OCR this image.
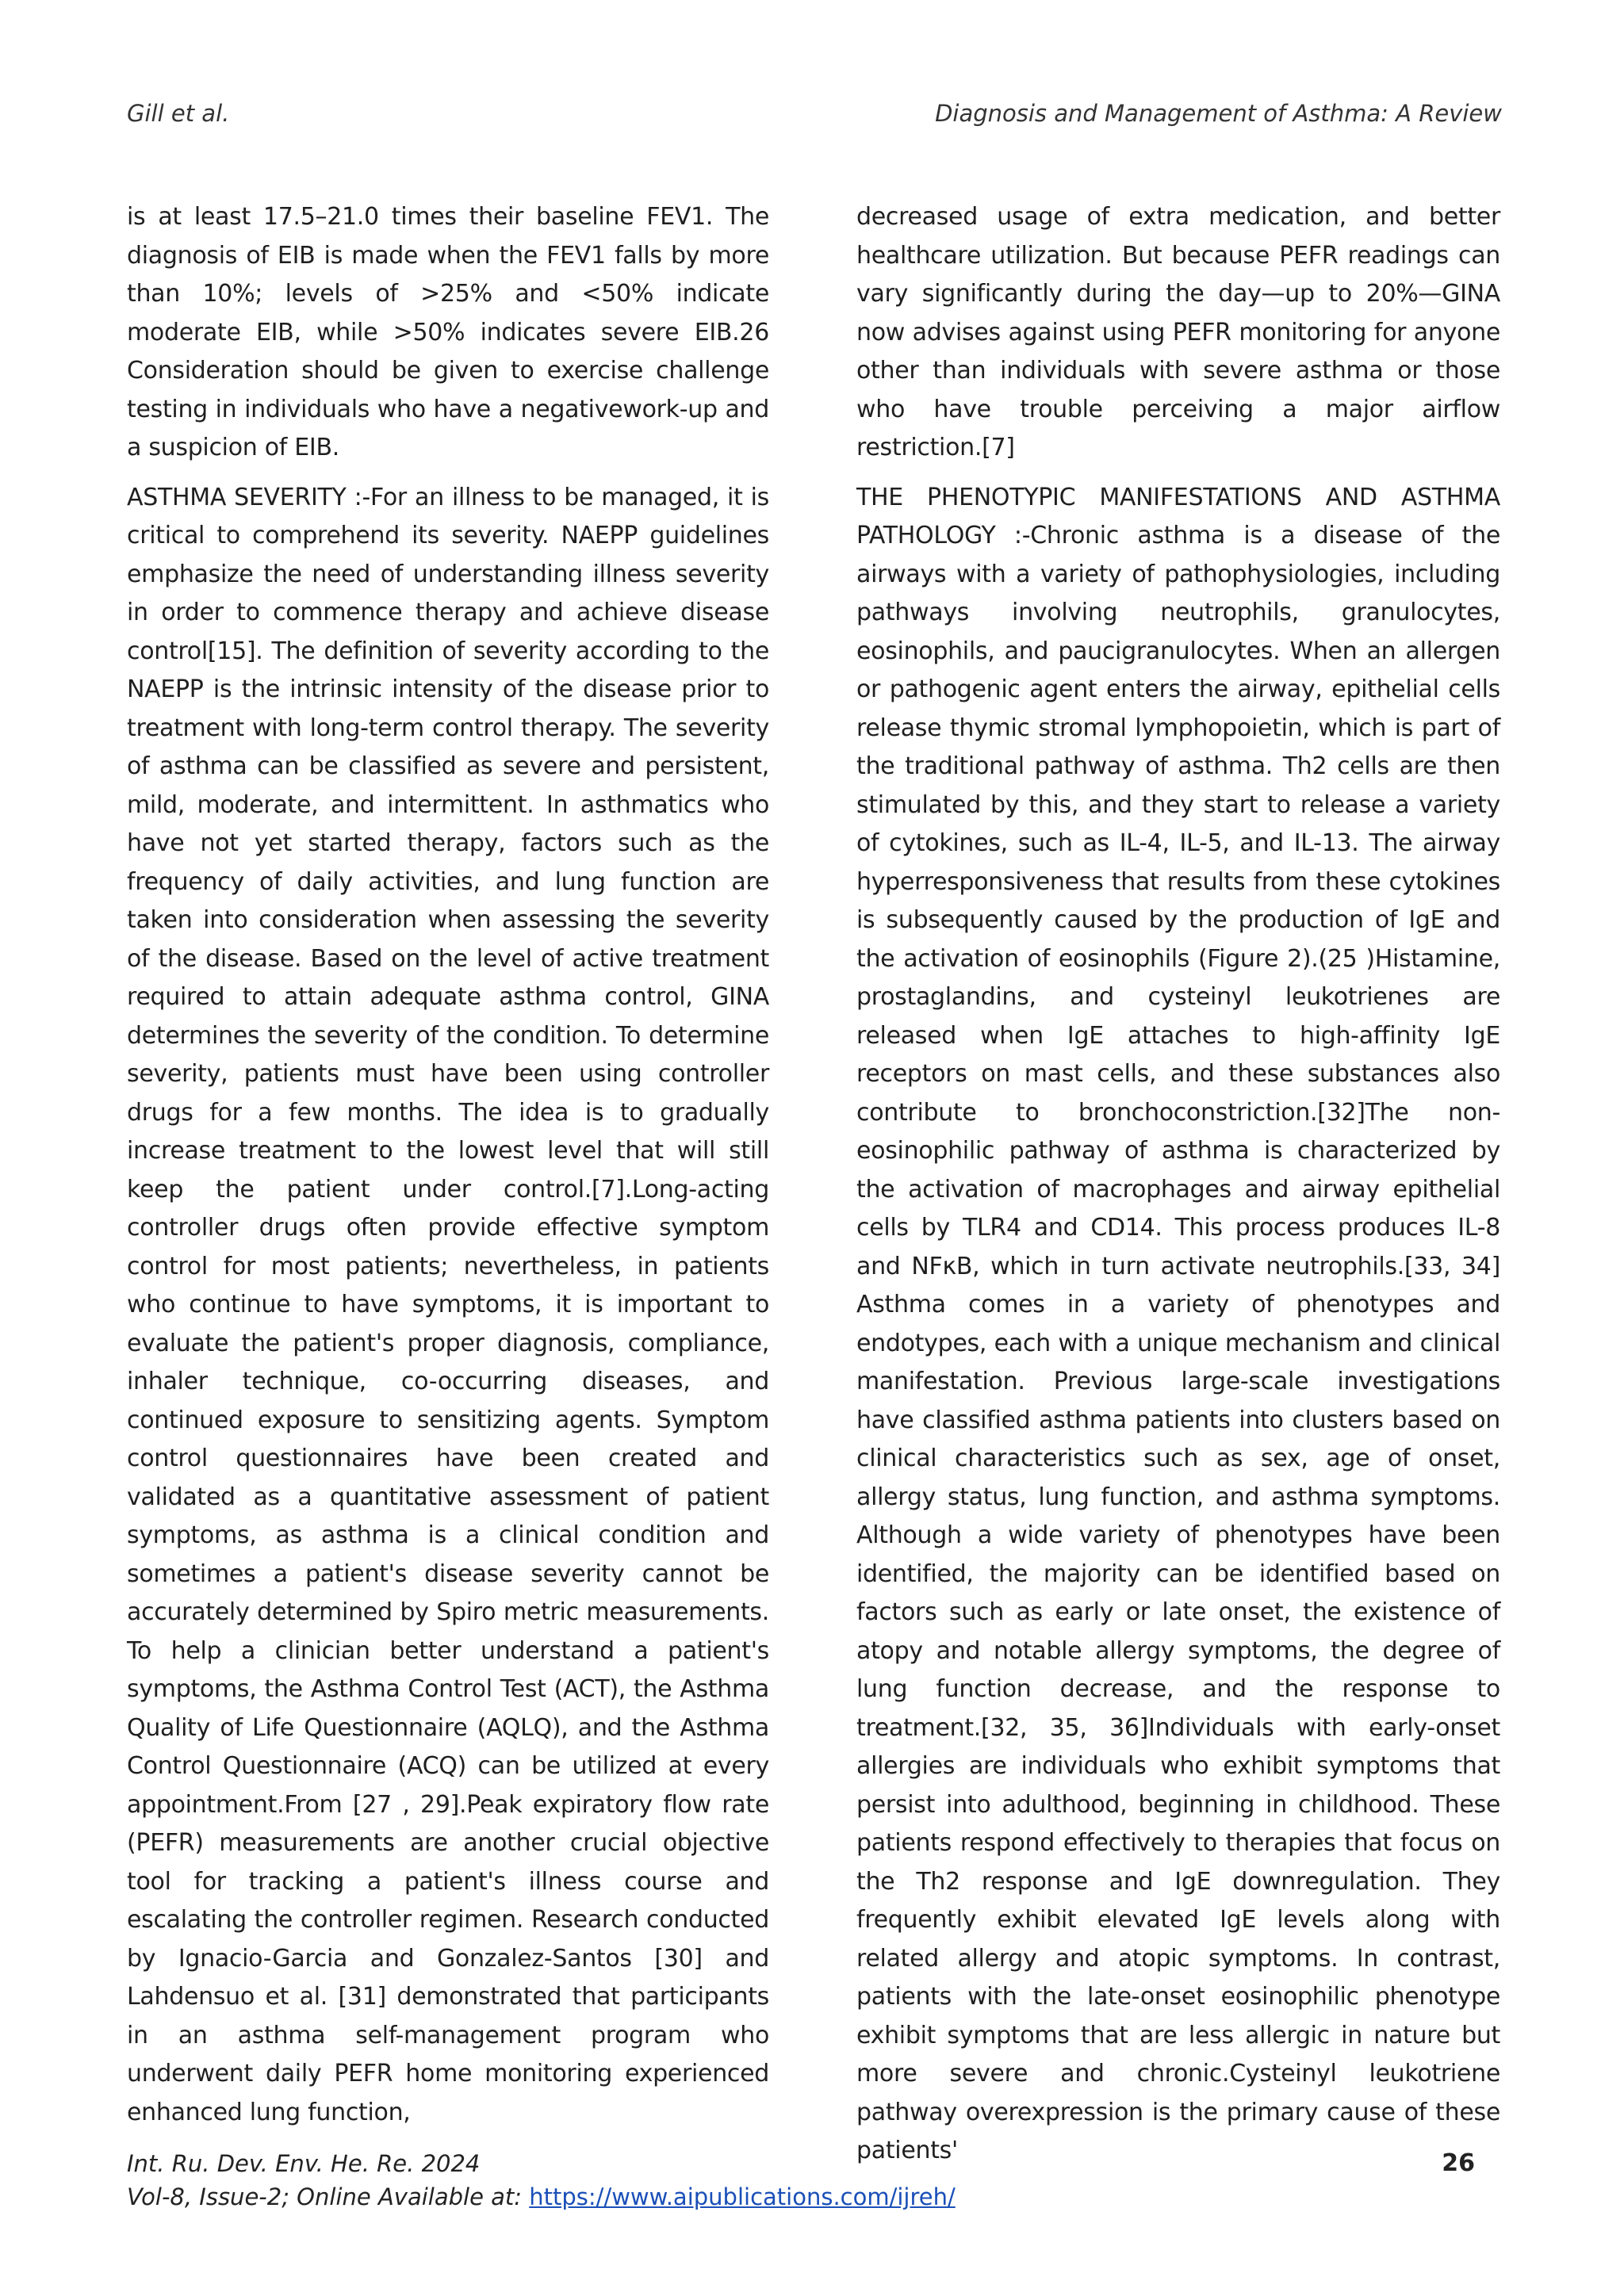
Gill et al.	Diagnosis and Management of Asthma: A Review

is at least 17.5–21.0 times their baseline FEV1. The diagnosis of EIB is made when the FEV1 falls by more than 10%; levels of >25% and <50% indicate moderate EIB, while >50% indicates severe EIB.26 Consideration should be given to exercise challenge testing in individuals who have a negativework-up and a suspicion of EIB.

ASTHMA SEVERITY :-For an illness to be managed, it is critical to comprehend its severity. NAEPP guidelines emphasize the need of understanding illness severity in order to commence therapy and achieve disease control[15]. The definition of severity according to the NAEPP is the intrinsic intensity of the disease prior to treatment with long-term control therapy. The severity of asthma can be classified as severe and persistent, mild, moderate, and intermittent. In asthmatics who have not yet started therapy, factors such as the frequency of daily activities, and lung function are taken into consideration when assessing the severity of the disease. Based on the level of active treatment required to attain adequate asthma control, GINA determines the severity of the condition. To determine severity, patients must have been using controller drugs for a few months. The idea is to gradually increase treatment to the lowest level that will still keep the patient under control.[7].Long-acting controller drugs often provide effective symptom control for most patients; nevertheless, in patients who continue to have symptoms, it is important to evaluate the patient's proper diagnosis, compliance, inhaler technique, co-occurring diseases, and continued exposure to sensitizing agents. Symptom control questionnaires have been created and validated as a quantitative assessment of patient symptoms, as asthma is a clinical condition and sometimes a patient's disease severity cannot be accurately determined by Spiro metric measurements. To help a clinician better understand a patient's symptoms, the Asthma Control Test (ACT), the Asthma Quality of Life Questionnaire (AQLQ), and the Asthma Control Questionnaire (ACQ) can be utilized at every appointment.From [27 , 29].Peak expiratory flow rate (PEFR) measurements are another crucial objective tool for tracking a patient's illness course and escalating the controller regimen. Research conducted by Ignacio-Garcia and Gonzalez-Santos [30] and Lahdensuo et al. [31] demonstrated that participants in an asthma self-management program who underwent daily PEFR home monitoring experienced enhanced lung function,

decreased usage of extra medication, and better healthcare utilization. But because PEFR readings can vary significantly during the day—up to 20%—GINA now advises against using PEFR monitoring for anyone other than individuals with severe asthma or those who have trouble perceiving a major airflow restriction.[7]

THE PHENOTYPIC MANIFESTATIONS AND ASTHMA PATHOLOGY :-Chronic asthma is a disease of the airways with a variety of pathophysiologies, including pathways involving neutrophils, granulocytes, eosinophils, and paucigranulocytes. When an allergen or pathogenic agent enters the airway, epithelial cells release thymic stromal lymphopoietin, which is part of the traditional pathway of asthma. Th2 cells are then stimulated by this, and they start to release a variety of cytokines, such as IL-4, IL-5, and IL-13. The airway hyperresponsiveness that results from these cytokines is subsequently caused by the production of IgE and the activation of eosinophils (Figure 2).(25 )Histamine, prostaglandins, and cysteinyl leukotrienes are released when IgE attaches to high-affinity IgE receptors on mast cells, and these substances also contribute to bronchoconstriction.[32]The non-eosinophilic pathway of asthma is characterized by the activation of macrophages and airway epithelial cells by TLR4 and CD14. This process produces IL-8 and NFκB, which in turn activate neutrophils.[33, 34] Asthma comes in a variety of phenotypes and endotypes, each with a unique mechanism and clinical manifestation. Previous large-scale investigations have classified asthma patients into clusters based on clinical characteristics such as sex, age of onset, allergy status, lung function, and asthma symptoms. Although a wide variety of phenotypes have been identified, the majority can be identified based on factors such as early or late onset, the existence of atopy and notable allergy symptoms, the degree of lung function decrease, and the response to treatment.[32, 35, 36]Individuals with early-onset allergies are individuals who exhibit symptoms that persist into adulthood, beginning in childhood. These patients respond effectively to therapies that focus on the Th2 response and IgE downregulation. They frequently exhibit elevated IgE levels along with related allergy and atopic symptoms. In contrast, patients with the late-onset eosinophilic phenotype exhibit symptoms that are less allergic in nature but more severe and chronic.Cysteinyl leukotriene pathway overexpression is the primary cause of these patients'

Int. Ru. Dev. Env. He. Re. 2024
Vol-8, Issue-2; Online Available at: https://www.aipublications.com/ijreh/
26
